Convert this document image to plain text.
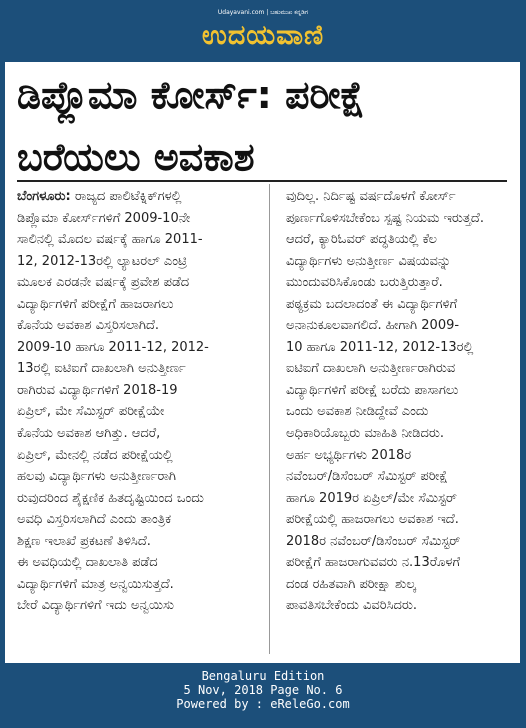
Udayavani.com | ಬಹುಮುಖ ಕನ್ನಡಿಗ
ಉದಯವಾಣಿ
ಡಿಪ್ಲೊಮಾ ಕೋರ್ಸ್‌: ಪರೀಕ್ಷೆ
ಬರೆಯಲು ಅವಕಾಶ
ಬೆಂಗಳೂರು: ರಾಜ್ಯದ ಪಾಲಿಟೆಕ್ನಿಕ್‌ಗಳಲ್ಲಿ
ಡಿಪ್ಲೊಮಾ ಕೋರ್ಸ್‌ಗಳಿಗೆ 2009-10ನೇ
ಸಾಲಿನಲ್ಲಿ ಮೊದಲ ವರ್ಷಕ್ಕೆ ಹಾಗೂ 2011-
12, 2012-13ರಲ್ಲಿ ಲ್ಯಾಟರಲ್ ಎಂಟ್ರಿ
ಮೂಲಕ ಎರಡನೇ ವರ್ಷಕ್ಕೆ ಪ್ರವೇಶ ಪಡೆದ
ವಿದ್ಯಾರ್ಥಿಗಳಿಗೆ ಪರೀಕ್ಷೆಗೆ ಹಾಜರಾಗಲು
ಕೊನೆಯ ಅವಕಾಶ ವಿಸ್ತರಿಸಲಾಗಿದೆ.
2009-10 ಹಾಗೂ 2011-12, 2012-
13ರಲ್ಲಿ ಐಟಿಐಗೆ ದಾಖಲಾಗಿ ಅನುತ್ತೀರ್ಣ
ರಾಗಿರುವ ವಿದ್ಯಾರ್ಥಿಗಳಿಗೆ 2018-19
ಏಪ್ರಿಲ್, ಮೇ ಸೆಮಿಸ್ಟರ್ ಪರೀಕ್ಷೆಯೇ
ಕೊನೆಯ ಅವಕಾಶ ಆಗಿತ್ತು. ಆದರೆ,
ಏಪ್ರಿಲ್, ಮೇನಲ್ಲಿ ನಡೆದ ಪರೀಕ್ಷೆಯಲ್ಲಿ
ಹಲವು ವಿದ್ಯಾರ್ಥಿಗಳು ಅನುತ್ತೀರ್ಣರಾಗಿ
ರುವುದರಿಂದ ಶೈಕ್ಷಣಿಕ ಹಿತದೃಷ್ಟಿಯಿಂದ ಒಂದು
ಅವಧಿ ವಿಸ್ತರಿಸಲಾಗಿದೆ ಎಂದು ತಾಂತ್ರಿಕ
ಶಿಕ್ಷಣ ಇಲಾಖೆ ಪ್ರಕಟಣೆ ತಿಳಿಸಿದೆ.
ಈ ಅವಧಿಯಲ್ಲಿ ದಾಖಲಾತಿ ಪಡೆದ
ವಿದ್ಯಾರ್ಥಿಗಳಿಗೆ ಮಾತ್ರ ಅನ್ವಯಿಸುತ್ತದೆ.
ಬೇರೆ ವಿದ್ಯಾರ್ಥಿಗಳಿಗೆ ಇದು ಅನ್ವಯಿಸು
ವುದಿಲ್ಲ. ನಿರ್ದಿಷ್ಟ ವರ್ಷದೊಳಗೆ ಕೋರ್ಸ್‌
ಪೂರ್ಣಗೊಳಿಸಬೇಕೆಂಬ ಸ್ಪಷ್ಟ ನಿಯಮ ಇರುತ್ತದೆ.
ಆದರೆ, ಕ್ಯಾರಿಓವರ್ ಪದ್ಧತಿಯಲ್ಲಿ ಕೆಲ
ವಿದ್ಯಾರ್ಥಿಗಳು ಅನುತ್ತೀರ್ಣ ವಿಷಯವನ್ನು
ಮುಂದುವರಿಸಿಕೊಂಡು ಬರುತ್ತಿರುತ್ತಾರೆ.
ಪಠ್ಯಕ್ರಮ ಬದಲಾದಂತೆ ಈ ವಿದ್ಯಾರ್ಥಿಗಳಿಗೆ
ಅನಾನುಕೂಲವಾಗಲಿದೆ. ಹೀಗಾಗಿ 2009-
10 ಹಾಗೂ 2011-12, 2012-13ರಲ್ಲಿ
ಐಟಿಐಗೆ ದಾಖಲಾಗಿ ಅನುತ್ತೀರ್ಣರಾಗಿರುವ
ವಿದ್ಯಾರ್ಥಿಗಳಿಗೆ ಪರೀಕ್ಷೆ ಬರೆದು ಪಾಸಾಗಲು
ಒಂದು ಅವಕಾಶ ನೀಡಿದ್ದೇವೆ ಎಂದು
ಅಧಿಕಾರಿಯೊಬ್ಬರು ಮಾಹಿತಿ ನೀಡಿದರು.
ಅರ್ಹ ಅಭ್ಯರ್ಥಿಗಳು 2018ರ
ನವೆಂಬರ್/ಡಿಸೆಂಬರ್ ಸೆಮಿಸ್ಟರ್ ಪರೀಕ್ಷೆ
ಹಾಗೂ 2019ರ ಏಪ್ರಿಲ್/ಮೇ ಸೆಮಿಸ್ಟರ್
ಪರೀಕ್ಷೆಯಲ್ಲಿ ಹಾಜರಾಗಲು ಅವಕಾಶ ಇದೆ.
2018ರ ನವೆಂಬರ್/ಡಿಸೆಂಬರ್ ಸೆಮಿಸ್ಟರ್
ಪರೀಕ್ಷೆಗೆ ಹಾಜರಾಗುವವರು ನ.13ರೊಳಗೆ
ದಂಡ ರಹಿತವಾಗಿ ಪರೀಕ್ಷಾ ಶುಲ್ಕ
ಪಾವತಿಸಬೇಕೆಂದು ವಿವರಿಸಿದರು.
Bengaluru Edition
5 Nov, 2018 Page No. 6
Powered by : eReleGo.com
